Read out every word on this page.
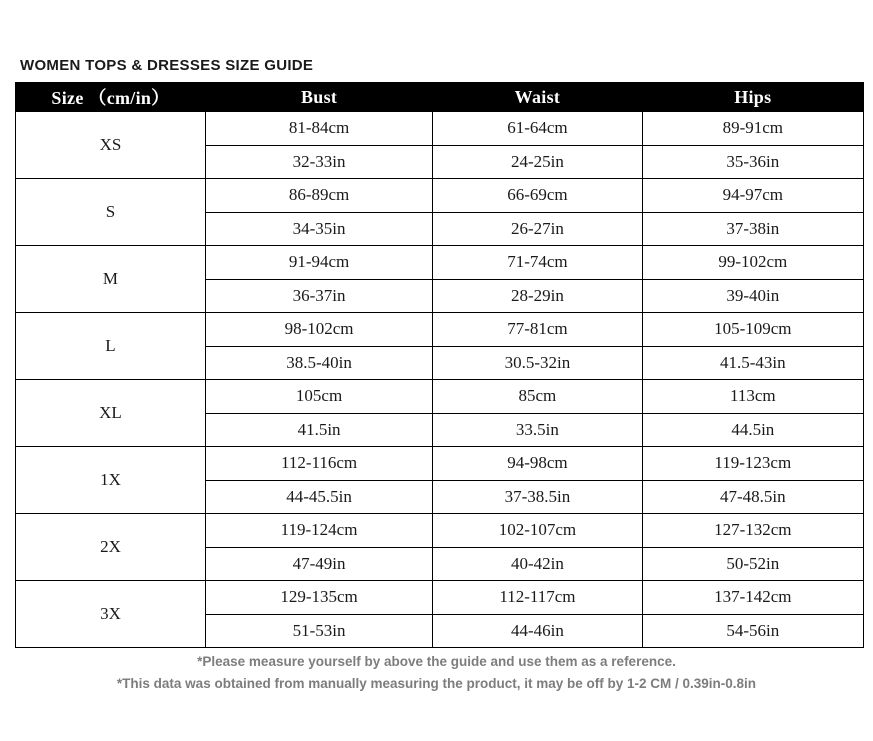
WOMEN TOPS & DRESSES SIZE GUIDE
Size （cm/in）	Bust	Waist	Hips
XS	81-84cm	61-64cm	89-91cm
	32-33in	24-25in	35-36in
S	86-89cm	66-69cm	94-97cm
	34-35in	26-27in	37-38in
M	91-94cm	71-74cm	99-102cm
	36-37in	28-29in	39-40in
L	98-102cm	77-81cm	105-109cm
	38.5-40in	30.5-32in	41.5-43in
XL	105cm	85cm	113cm
	41.5in	33.5in	44.5in
1X	112-116cm	94-98cm	119-123cm
	44-45.5in	37-38.5in	47-48.5in
2X	119-124cm	102-107cm	127-132cm
	47-49in	40-42in	50-52in
3X	129-135cm	112-117cm	137-142cm
	51-53in	44-46in	54-56in

*Please measure yourself by above the guide and use them as a reference.

*This data was obtained from manually measuring the product, it may be off by 1-2 CM / 0.39in-0.8in
